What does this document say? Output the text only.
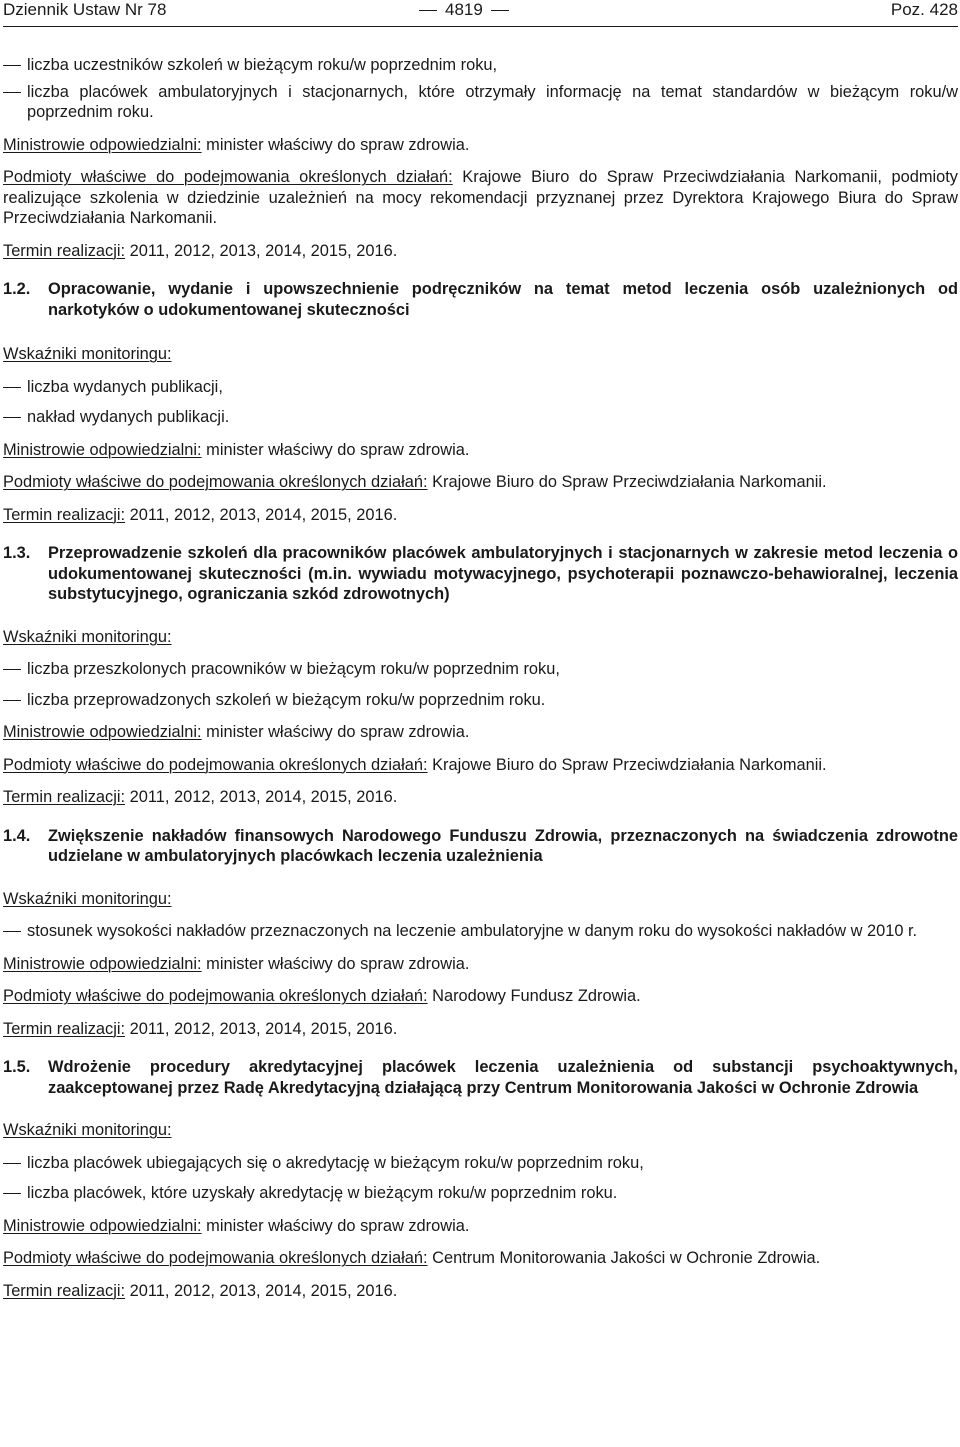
Dziennik Ustaw Nr 78	4819	Poz. 428
liczba uczestników szkoleń w bieżącym roku/w poprzednim roku,
liczba placówek ambulatoryjnych i stacjonarnych, które otrzymały informację na temat standardów w bieżącym roku/w poprzednim roku.

Ministrowie odpowiedzialni: minister właściwy do spraw zdrowia.

Podmioty właściwe do podejmowania określonych działań: Krajowe Biuro do Spraw Przeciwdziałania Narkomanii, podmioty realizujące szkolenia w dziedzinie uzależnień na mocy rekomendacji przyznanej przez Dyrektora Krajowego Biura do Spraw Przeciwdziałania Narkomanii.

Termin realizacji: 2011, 2012, 2013, 2014, 2015, 2016.

1.2. Opracowanie, wydanie i upowszechnienie podręczników na temat metod leczenia osób uzależnionych od narkotyków o udokumentowanej skuteczności

Wskaźniki monitoringu:

liczba wydanych publikacji,
nakład wydanych publikacji.

Ministrowie odpowiedzialni: minister właściwy do spraw zdrowia.

Podmioty właściwe do podejmowania określonych działań: Krajowe Biuro do Spraw Przeciwdziałania Narkomanii.

Termin realizacji: 2011, 2012, 2013, 2014, 2015, 2016.

1.3. Przeprowadzenie szkoleń dla pracowników placówek ambulatoryjnych i stacjonarnych w zakresie metod leczenia o udokumentowanej skuteczności (m.in. wywiadu motywacyjnego, psychoterapii poznawczo-behawioralnej, leczenia substytucyjnego, ograniczania szkód zdrowotnych)

Wskaźniki monitoringu:

liczba przeszkolonych pracowników w bieżącym roku/w poprzednim roku,
liczba przeprowadzonych szkoleń w bieżącym roku/w poprzednim roku.

Ministrowie odpowiedzialni: minister właściwy do spraw zdrowia.

Podmioty właściwe do podejmowania określonych działań: Krajowe Biuro do Spraw Przeciwdziałania Narkomanii.

Termin realizacji: 2011, 2012, 2013, 2014, 2015, 2016.

1.4. Zwiększenie nakładów finansowych Narodowego Funduszu Zdrowia, przeznaczonych na świadczenia zdrowotne udzielane w ambulatoryjnych placówkach leczenia uzależnienia

Wskaźniki monitoringu:

stosunek wysokości nakładów przeznaczonych na leczenie ambulatoryjne w danym roku do wysokości nakładów w 2010 r.

Ministrowie odpowiedzialni: minister właściwy do spraw zdrowia.

Podmioty właściwe do podejmowania określonych działań: Narodowy Fundusz Zdrowia.

Termin realizacji: 2011, 2012, 2013, 2014, 2015, 2016.

1.5. Wdrożenie procedury akredytacyjnej placówek leczenia uzależnienia od substancji psychoaktywnych, zaakceptowanej przez Radę Akredytacyjną działającą przy Centrum Monitorowania Jakości w Ochronie Zdrowia

Wskaźniki monitoringu:

liczba placówek ubiegających się o akredytację w bieżącym roku/w poprzednim roku,
liczba placówek, które uzyskały akredytację w bieżącym roku/w poprzednim roku.

Ministrowie odpowiedzialni: minister właściwy do spraw zdrowia.

Podmioty właściwe do podejmowania określonych działań: Centrum Monitorowania Jakości w Ochronie Zdrowia.

Termin realizacji: 2011, 2012, 2013, 2014, 2015, 2016.
